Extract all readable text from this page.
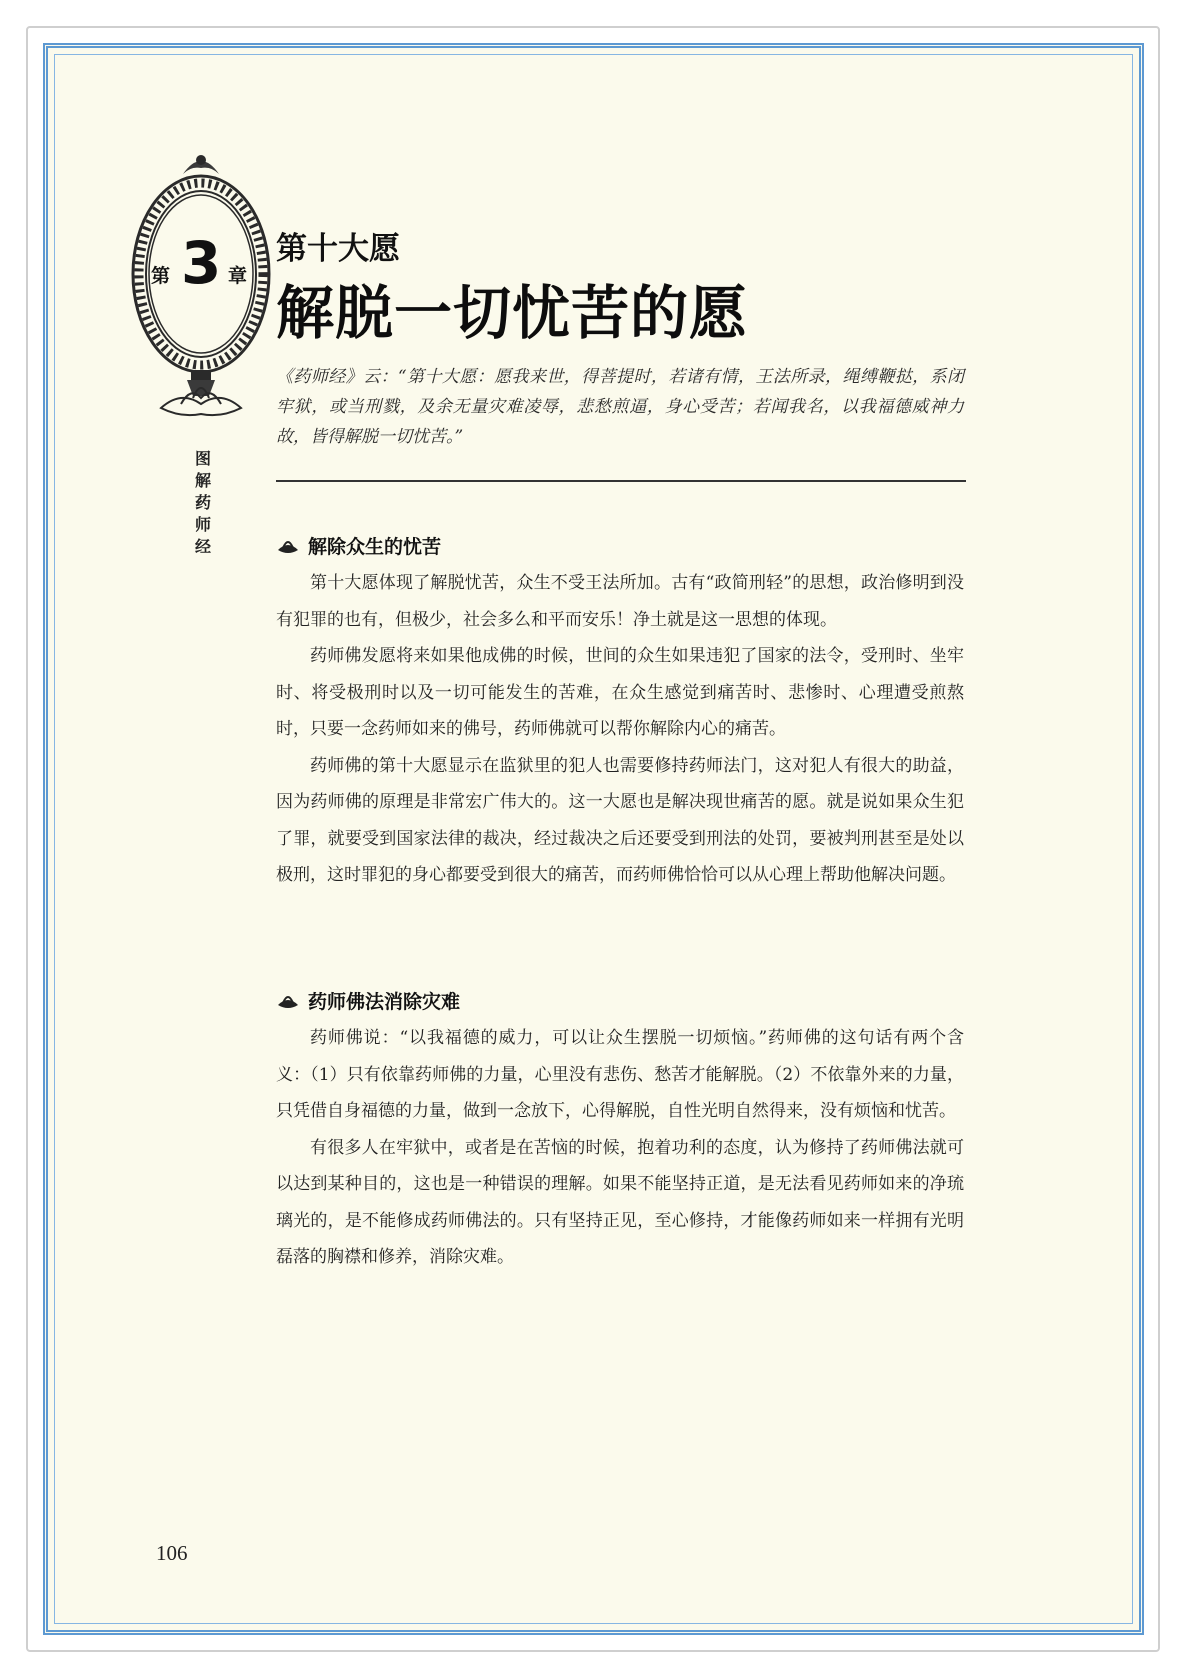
第 3 章
图解药师经
第十大愿
解脱一切忧苦的愿
《药师经》云：“第十大愿：愿我来世，得菩提时，若诸有情，王法所录，绳缚鞭挞，系闭牢狱，或当刑戮，及余无量灾难凌辱，悲愁煎逼，身心受苦；若闻我名，以我福德威神力故，皆得解脱一切忧苦。”
解除众生的忧苦

第十大愿体现了解脱忧苦，众生不受王法所加。古有“政简刑轻”的思想，政治修明到没有犯罪的也有，但极少，社会多么和平而安乐！净土就是这一思想的体现。

药师佛发愿将来如果他成佛的时候，世间的众生如果违犯了国家的法令，受刑时、坐牢时、将受极刑时以及一切可能发生的苦难，在众生感觉到痛苦时、悲惨时、心理遭受煎熬时，只要一念药师如来的佛号，药师佛就可以帮你解除内心的痛苦。

药师佛的第十大愿显示在监狱里的犯人也需要修持药师法门，这对犯人有很大的助益，因为药师佛的原理是非常宏广伟大的。这一大愿也是解决现世痛苦的愿。就是说如果众生犯了罪，就要受到国家法律的裁决，经过裁决之后还要受到刑法的处罚，要被判刑甚至是处以极刑，这时罪犯的身心都要受到很大的痛苦，而药师佛恰恰可以从心理上帮助他解决问题。

药师佛法消除灾难

药师佛说：“以我福德的威力，可以让众生摆脱一切烦恼。”药师佛的这句话有两个含义：（1）只有依靠药师佛的力量，心里没有悲伤、愁苦才能解脱。（2）不依靠外来的力量，只凭借自身福德的力量，做到一念放下，心得解脱，自性光明自然得来，没有烦恼和忧苦。

有很多人在牢狱中，或者是在苦恼的时候，抱着功利的态度，认为修持了药师佛法就可以达到某种目的，这也是一种错误的理解。如果不能坚持正道，是无法看见药师如来的净琉璃光的，是不能修成药师佛法的。只有坚持正见，至心修持，才能像药师如来一样拥有光明磊落的胸襟和修养，消除灾难。

106
